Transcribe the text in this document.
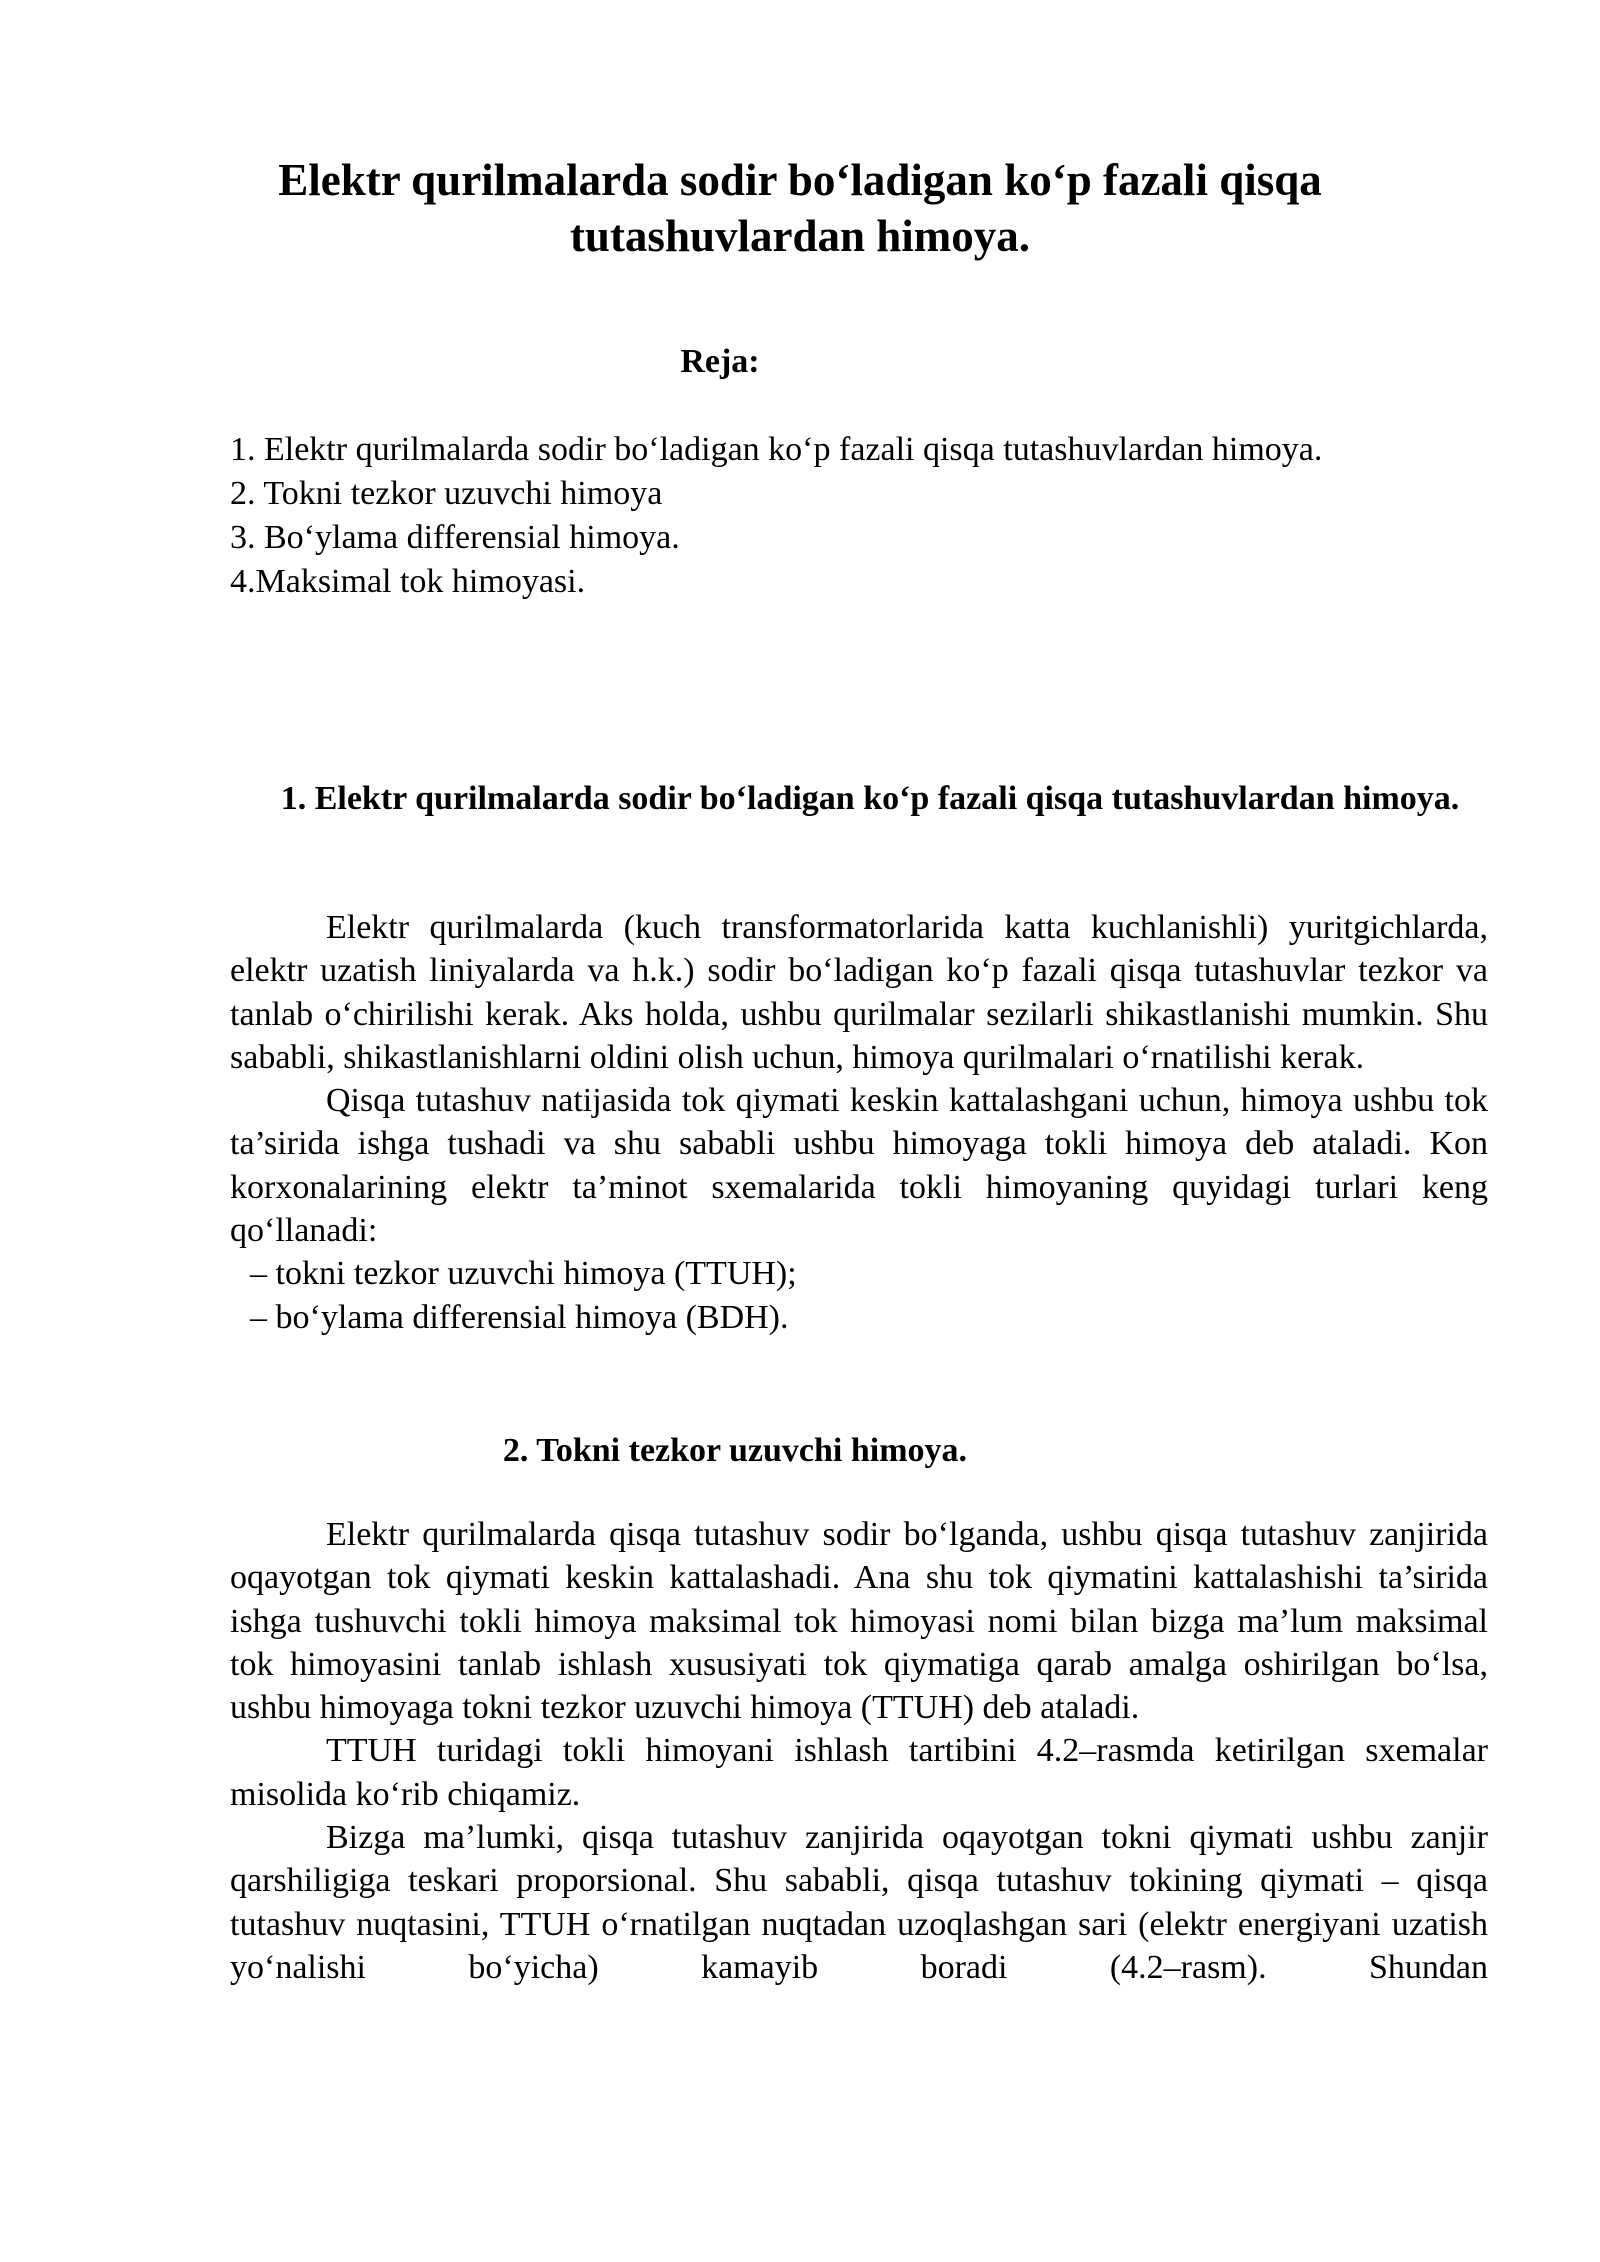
Elektr qurilmalarda sodir bo‘ladigan ko‘p fazali qisqa tutashuvlardan himoya.
Reja:
1. Elektr qurilmalarda sodir bo‘ladigan ko‘p fazali qisqa tutashuvlardan himoya.
2. Tokni tezkor uzuvchi himoya
3. Bo‘ylama differensial himoya.
4.Maksimal tok himoyasi.
1. Elektr qurilmalarda sodir bo‘ladigan ko‘p fazali qisqa tutashuvlardan himoya.

Elektr qurilmalarda (kuch transformatorlarida katta kuchlanishli) yuritgichlarda, elektr uzatish liniyalarda va h.k.) sodir bo‘ladigan ko‘p fazali qisqa tutashuvlar tezkor va tanlab o‘chirilishi kerak. Aks holda, ushbu qurilmalar sezilarli shikastlanishi mumkin. Shu sababli, shikastlanishlarni oldini olish uchun, himoya qurilmalari o‘rnatilishi kerak.

Qisqa tutashuv natijasida tok qiymati keskin kattalashgani uchun, himoya ushbu tok ta’sirida ishga tushadi va shu sababli ushbu himoyaga tokli himoya deb ataladi. Kon korxonalarining elektr ta’minot sxemalarida tokli himoyaning quyidagi turlari keng qo‘llanadi:

– tokni tezkor uzuvchi himoya (TTUH);
– bo‘ylama differensial himoya (BDH).
2. Tokni tezkor uzuvchi himoya.

Elektr qurilmalarda qisqa tutashuv sodir bo‘lganda, ushbu qisqa tutashuv zanjirida oqayotgan tok qiymati keskin kattalashadi. Ana shu tok qiymatini kattalashishi ta’sirida ishga tushuvchi tokli himoya maksimal tok himoyasi nomi bilan bizga ma’lum maksimal tok himoyasini tanlab ishlash xususiyati tok qiymatiga qarab amalga oshirilgan bo‘lsa, ushbu himoyaga tokni tezkor uzuvchi himoya (TTUH) deb ataladi.

TTUH turidagi tokli himoyani ishlash tartibini 4.2–rasmda ketirilgan sxemalar misolida ko‘rib chiqamiz.

Bizga ma’lumki, qisqa tutashuv zanjirida oqayotgan tokni qiymati ushbu zanjir qarshiligiga teskari proporsional. Shu sababli, qisqa tutashuv tokining qiymati – qisqa tutashuv nuqtasini, TTUH o‘rnatilgan nuqtadan uzoqlashgan sari (elektr energiyani uzatish yo‘nalishi bo‘yicha) kamayib boradi (4.2–rasm). Shundan
